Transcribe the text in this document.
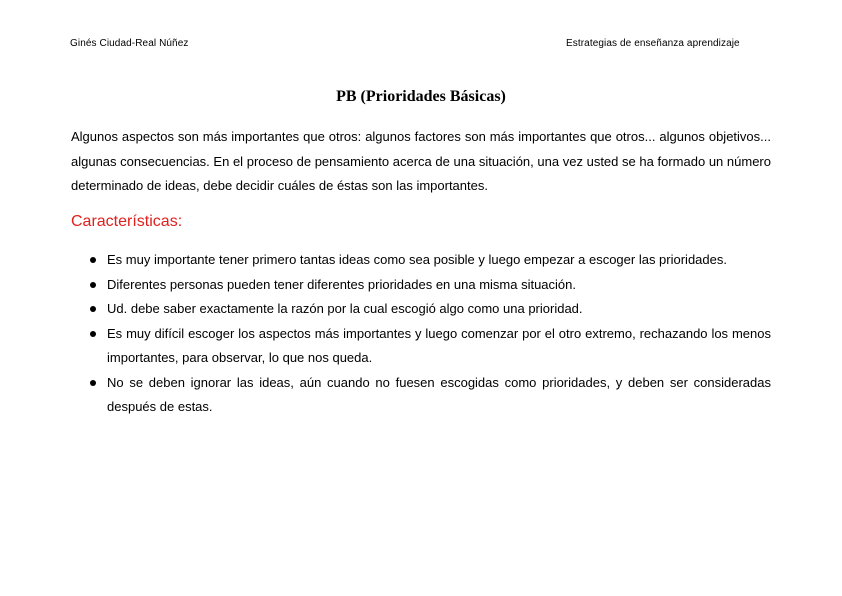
Ginés Ciudad-Real Núñez	Estrategias de enseñanza aprendizaje
PB (Prioridades Básicas)

Algunos aspectos son más importantes que otros: algunos factores son más importantes que otros... algunos objetivos... algunas consecuencias. En el proceso de pensamiento acerca de una situación, una vez usted se ha formado un número determinado de ideas, debe decidir cuáles de éstas son las importantes.

Características:
Es muy importante tener primero tantas ideas como sea posible y luego empezar a escoger las prioridades.
Diferentes personas pueden tener diferentes prioridades en una misma situación.
Ud. debe saber exactamente la razón por la cual escogió algo como una prioridad.
Es muy difícil escoger los aspectos más importantes y luego comenzar por el otro extremo, rechazando los menos importantes, para observar, lo que nos queda.
No se deben ignorar las ideas, aún cuando no fuesen escogidas como prioridades, y deben ser consideradas después de estas.
